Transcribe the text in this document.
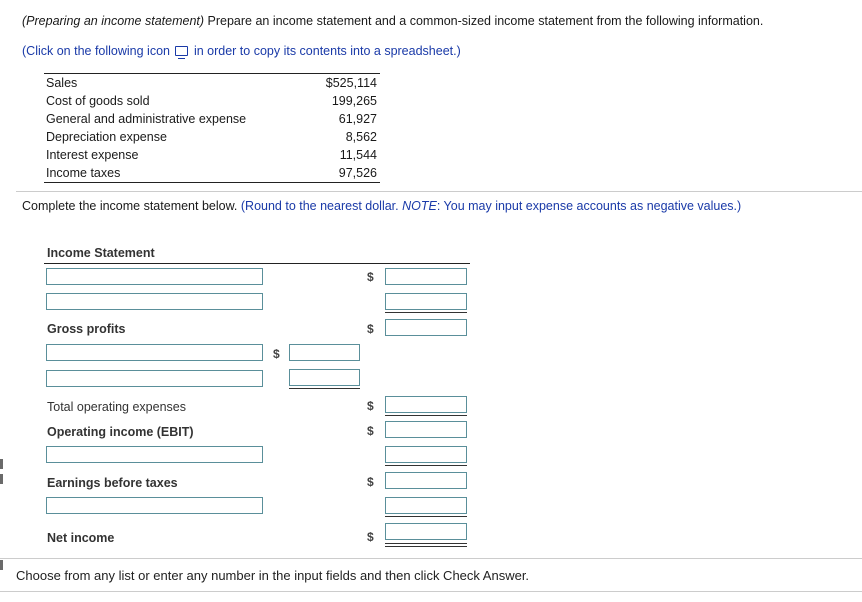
(Preparing an income statement) Prepare an income statement and a common-sized income statement from the following information.
(Click on the following icon  in order to copy its contents into a spreadsheet.)
Sales	$525,114
Cost of goods sold	199,265
General and administrative expense	61,927
Depreciation expense	8,562
Interest expense	11,544
Income taxes	97,526
Complete the income statement below. (Round to the nearest dollar. NOTE: You may input expense accounts as negative values.)
Income Statement
$
Gross profits	$
$
Total operating expenses	$
Operating income (EBIT)	$
Earnings before taxes	$
Net income	$
Choose from any list or enter any number in the input fields and then click Check Answer.
